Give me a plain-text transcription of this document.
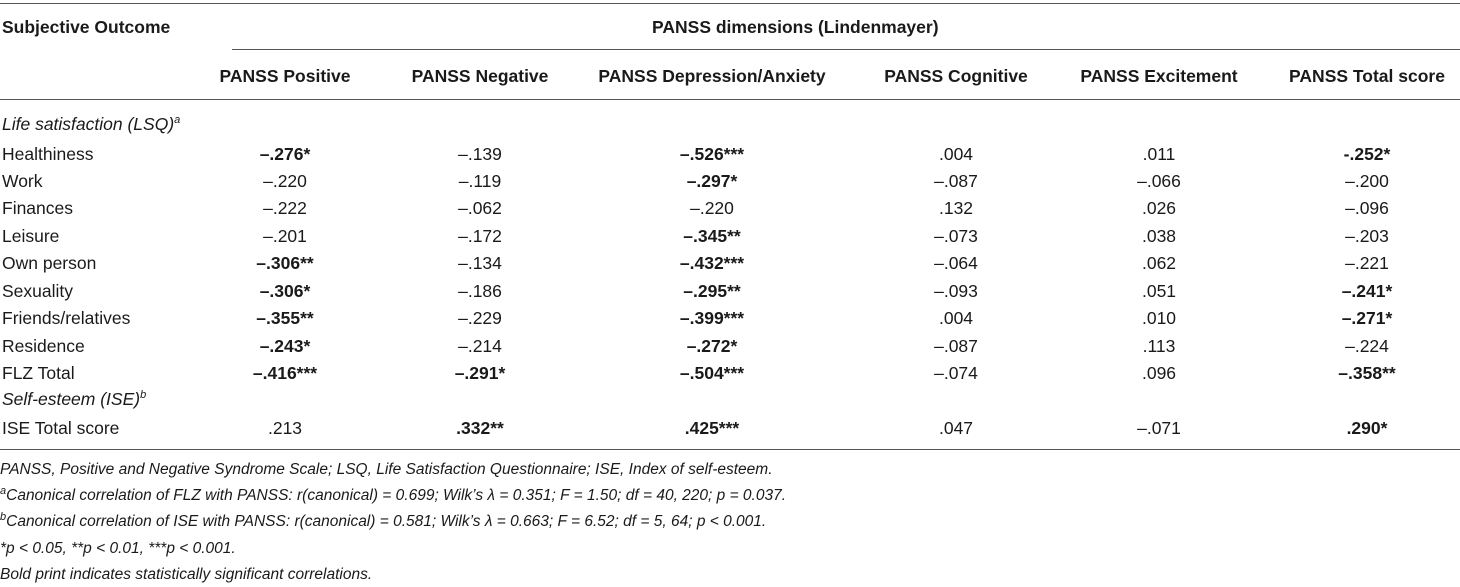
Subjective Outcome	PANSS dimensions (Lindenmayer)
PANSS Positive	PANSS Negative	PANSS Depression/Anxiety	PANSS Cognitive	PANSS Excitement	PANSS Total score
Life satisfaction (LSQ)$^a$
Healthiness	–.276*	–.139	–.526***	.004	.011	-.252*
Work	–.220	–.119	–.297*	–.087	–.066	–.200
Finances	–.222	–.062	–.220	.132	.026	–.096
Leisure	–.201	–.172	–.345**	–.073	.038	–.203
Own person	–.306**	–.134	–.432***	–.064	.062	–.221
Sexuality	–.306*	–.186	–.295**	–.093	.051	–.241*
Friends/relatives	–.355**	–.229	–.399***	.004	.010	–.271*
Residence	–.243*	–.214	–.272*	–.087	.113	–.224
FLZ Total	–.416***	–.291*	–.504***	–.074	.096	–.358**
Self-esteem (ISE)$^b$
ISE Total score	.213	.332**	.425***	.047	–.071	.290*
PANSS, Positive and Negative Syndrome Scale; LSQ, Life Satisfaction Questionnaire; ISE, Index of self-esteem.
$^a$Canonical correlation of FLZ with PANSS: r(canonical) = 0.699; Wilk’s λ = 0.351; F = 1.50; df = 40, 220; p = 0.037.
$^b$Canonical correlation of ISE with PANSS: r(canonical) = 0.581; Wilk’s λ = 0.663; F = 6.52; df = 5, 64; p < 0.001.
*p < 0.05, **p < 0.01, ***p < 0.001.
Bold print indicates statistically significant correlations.
